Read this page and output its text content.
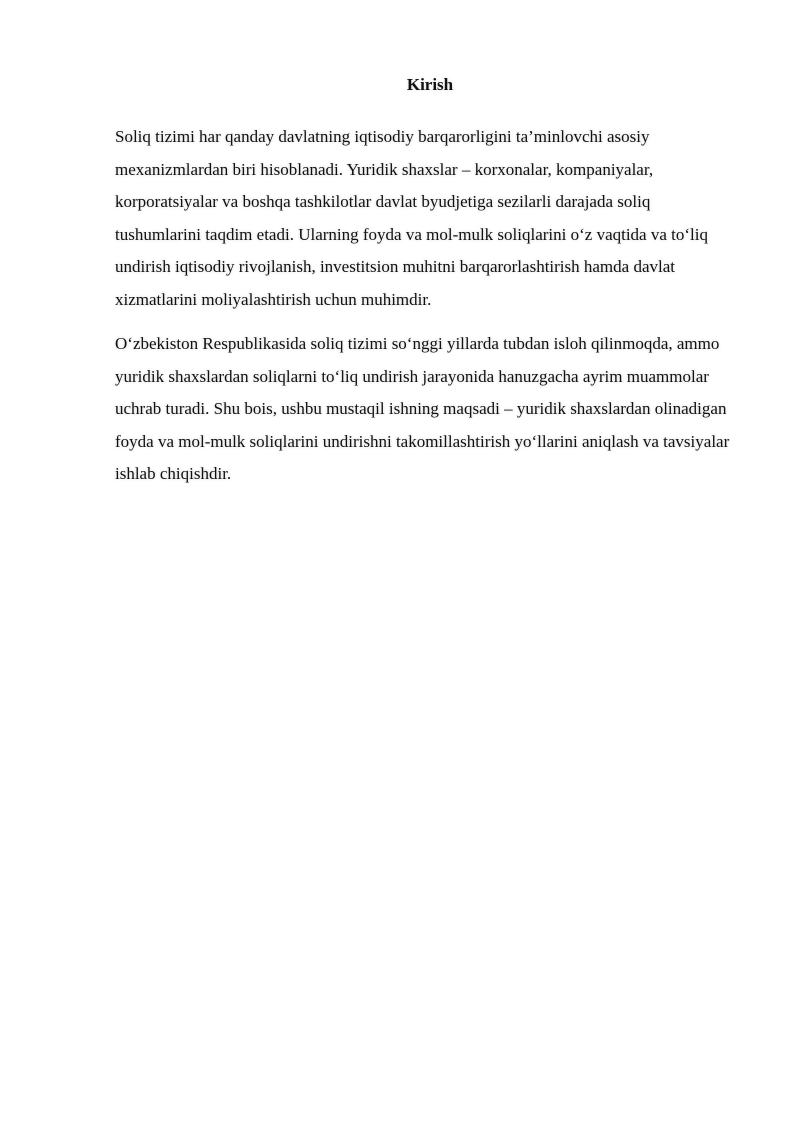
Kirish

Soliq tizimi har qanday davlatning iqtisodiy barqarorligini ta’minlovchi asosiy mexanizmlardan biri hisoblanadi. Yuridik shaxslar – korxonalar, kompaniyalar, korporatsiyalar va boshqa tashkilotlar davlat byudjetiga sezilarli darajada soliq tushumlarini taqdim etadi. Ularning foyda va mol-mulk soliqlarini o‘z vaqtida va to‘liq undirish iqtisodiy rivojlanish, investitsion muhitni barqarorlashtirish hamda davlat xizmatlarini moliyalashtirish uchun muhimdir.

O‘zbekiston Respublikasida soliq tizimi so‘nggi yillarda tubdan isloh qilinmoqda, ammo yuridik shaxslardan soliqlarni to‘liq undirish jarayonida hanuzgacha ayrim muammolar uchrab turadi. Shu bois, ushbu mustaqil ishning maqsadi – yuridik shaxslardan olinadigan foyda va mol-mulk soliqlarini undirishni takomillashtirish yo‘llarini aniqlash va tavsiyalar ishlab chiqishdir.
